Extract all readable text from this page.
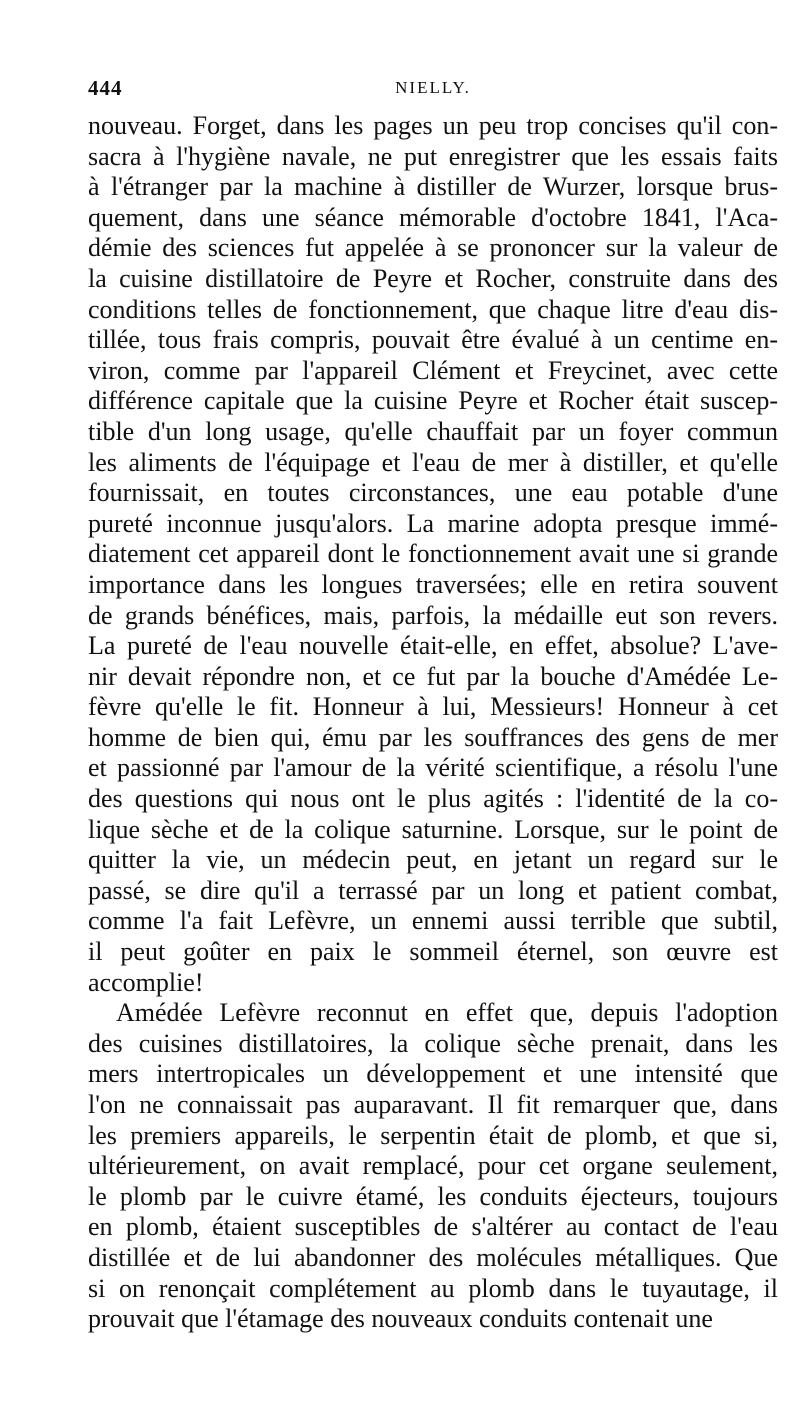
444	NIELLY.
nouveau. Forget, dans les pages un peu trop concises qu'il con-
sacra à l'hygiène navale, ne put enregistrer que les essais faits
à l'étranger par la machine à distiller de Wurzer, lorsque brus-
quement, dans une séance mémorable d'octobre 1841, l'Aca-
démie des sciences fut appelée à se prononcer sur la valeur de
la cuisine distillatoire de Peyre et Rocher, construite dans des
conditions telles de fonctionnement, que chaque litre d'eau dis-
tillée, tous frais compris, pouvait être évalué à un centime en-
viron, comme par l'appareil Clément et Freycinet, avec cette
différence capitale que la cuisine Peyre et Rocher était suscep-
tible d'un long usage, qu'elle chauffait par un foyer commun
les aliments de l'équipage et l'eau de mer à distiller, et qu'elle
fournissait, en toutes circonstances, une eau potable d'une
pureté inconnue jusqu'alors. La marine adopta presque immé-
diatement cet appareil dont le fonctionnement avait une si grande
importance dans les longues traversées; elle en retira souvent
de grands bénéfices, mais, parfois, la médaille eut son revers.
La pureté de l'eau nouvelle était-elle, en effet, absolue? L'ave-
nir devait répondre non, et ce fut par la bouche d'Amédée Le-
fèvre qu'elle le fit. Honneur à lui, Messieurs! Honneur à cet
homme de bien qui, ému par les souffrances des gens de mer
et passionné par l'amour de la vérité scientifique, a résolu l'une
des questions qui nous ont le plus agités : l'identité de la co-
lique sèche et de la colique saturnine. Lorsque, sur le point de
quitter la vie, un médecin peut, en jetant un regard sur le
passé, se dire qu'il a terrassé par un long et patient combat,
comme l'a fait Lefèvre, un ennemi aussi terrible que subtil,
il peut goûter en paix le sommeil éternel, son œuvre est
accomplie!
Amédée Lefèvre reconnut en effet que, depuis l'adoption
des cuisines distillatoires, la colique sèche prenait, dans les
mers intertropicales un développement et une intensité que
l'on ne connaissait pas auparavant. Il fit remarquer que, dans
les premiers appareils, le serpentin était de plomb, et que si,
ultérieurement, on avait remplacé, pour cet organe seulement,
le plomb par le cuivre étamé, les conduits éjecteurs, toujours
en plomb, étaient susceptibles de s'altérer au contact de l'eau
distillée et de lui abandonner des molécules métalliques. Que
si on renonçait complétement au plomb dans le tuyautage, il
prouvait que l'étamage des nouveaux conduits contenait une
